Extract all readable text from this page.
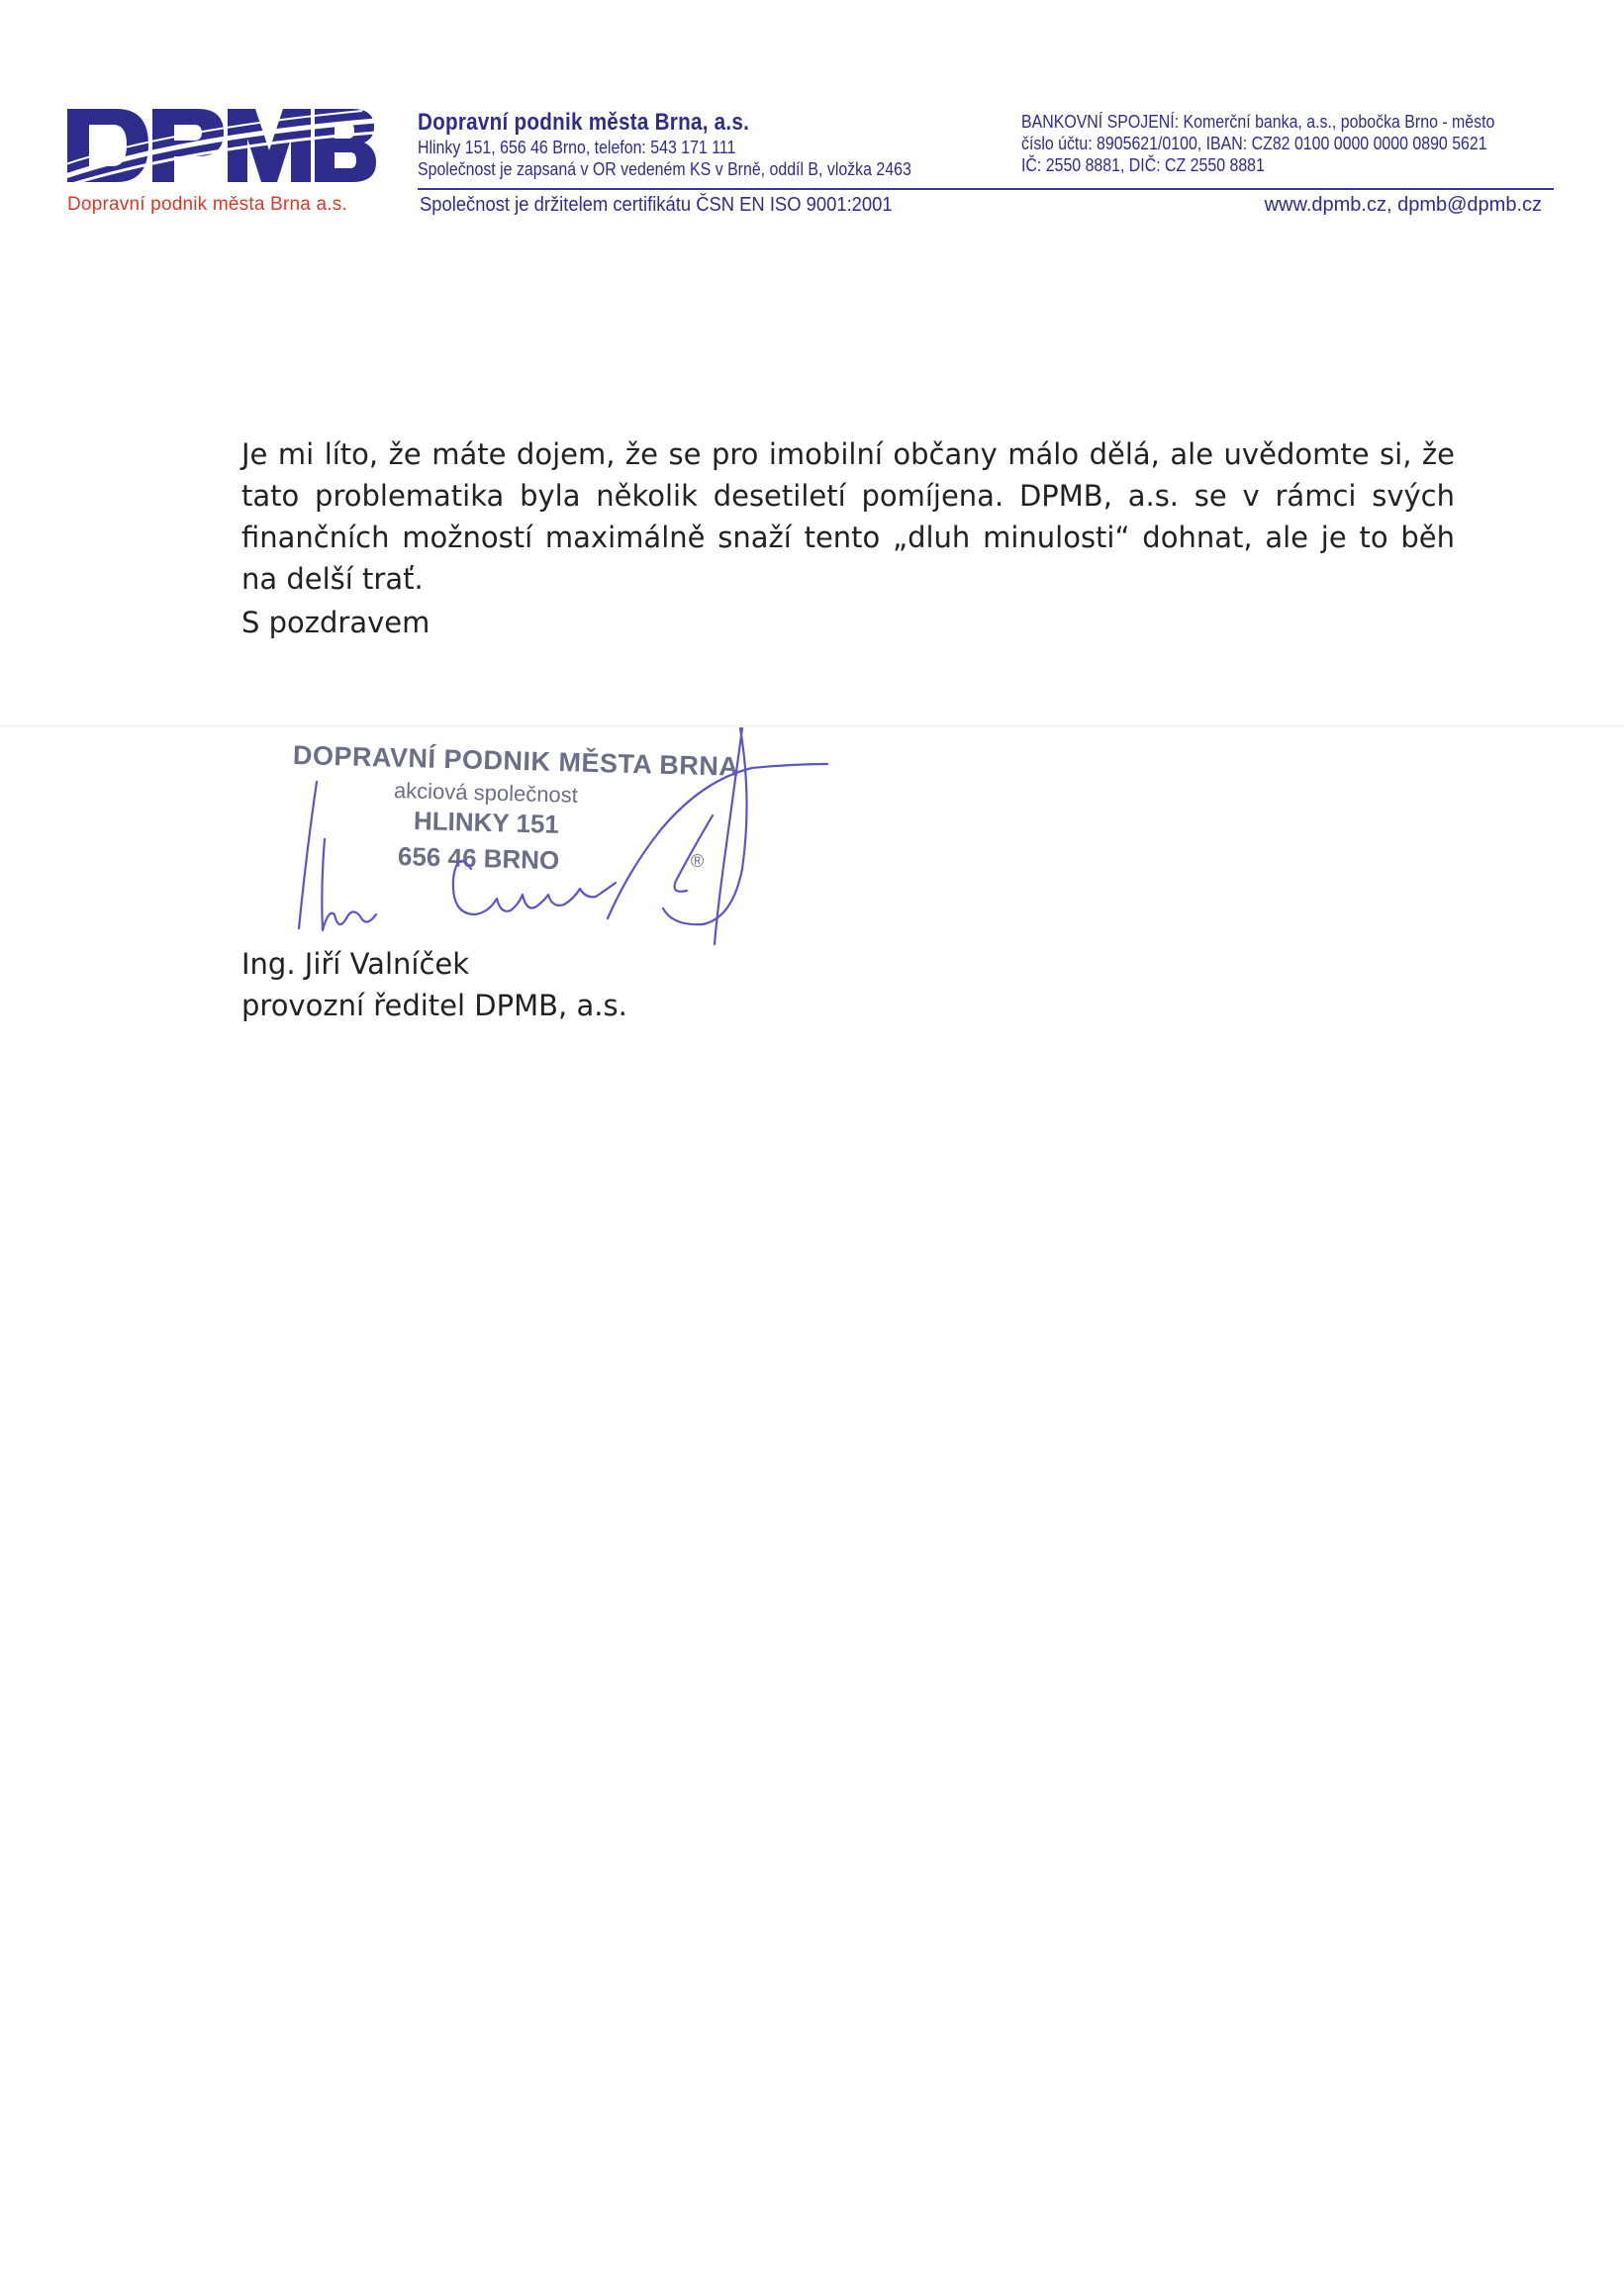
Dopravní podnik města Brna a.s.
Dopravní podnik města Brna, a.s.
Hlinky 151, 656 46 Brno, telefon: 543 171 111
Společnost je zapsaná v OR vedeném KS v Brně, oddíl B, vložka 2463
BANKOVNÍ SPOJENÍ: Komerční banka, a.s., pobočka Brno - město
číslo účtu: 8905621/0100, IBAN: CZ82 0100 0000 0000 0890 5621
IČ: 2550 8881, DIČ: CZ 2550 8881
Společnost je držitelem certifikátu ČSN EN ISO 9001:2001	www.dpmb.cz, dpmb@dpmb.cz
Je mi líto, že máte dojem, že se pro imobilní občany málo dělá, ale uvědomte si, že tato problematika byla několik desetiletí pomíjena. DPMB, a.s. se v rámci svých finančních možností maximálně snaží tento „dluh minulosti“ dohnat, ale je to běh na delší trať.
S pozdravem
DOPRAVNÍ PODNIK MĚSTA BRNA
akciová společnost
HLINKY 151
656 46 BRNO	®
Ing. Jiří Valníček
provozní ředitel DPMB, a.s.
